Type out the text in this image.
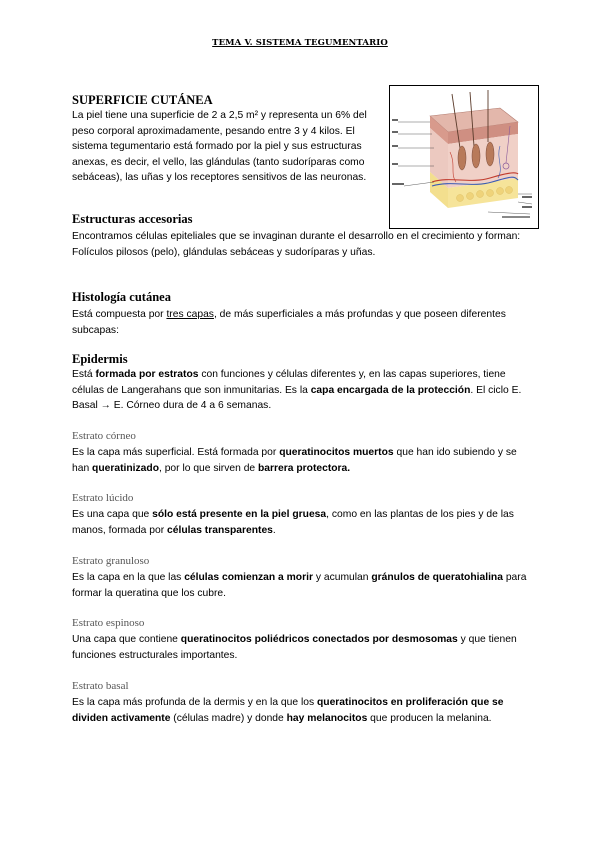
TEMA V. SISTEMA TEGUMENTARIO
SUPERFICIE CUTÁNEA
La piel tiene una superficie de 2 a 2,5 m² y representa un 6% del peso corporal aproximadamente, pesando entre 3 y 4 kilos. El sistema tegumentario está formado por la piel y sus estructuras anexas, es decir, el vello, las glándulas (tanto sudoríparas como sebáceas), las uñas y los receptores sensitivos de las neuronas.
Estructuras accesorias
Encontramos células epiteliales que se invaginan durante el desarrollo en el crecimiento y forman: Folículos pilosos (pelo), glándulas sebáceas y sudoríparas y uñas.
Histología cutánea
Está compuesta por tres capas, de más superficiales a más profundas y que poseen diferentes subcapas:
Epidermis
Está formada por estratos con funciones y células diferentes y, en las capas superiores, tiene células de Langerahans que son inmunitarias. Es la capa encargada de la protección. El ciclo E. Basal → E. Córneo dura de 4 a 6 semanas.
Estrato córneo
Es la capa más superficial. Está formada por queratinocitos muertos que han ido subiendo y se han queratinizado, por lo que sirven de barrera protectora.
Estrato lúcido
Es una capa que sólo está presente en la piel gruesa, como en las plantas de los pies y de las manos, formada por células transparentes.
Estrato granuloso
Es la capa en la que las células comienzan a morir y acumulan gránulos de queratohialina para formar la queratina que los cubre.
Estrato espinoso
Una capa que contiene queratinocitos poliédricos conectados por desmosomas y que tienen funciones estructurales importantes.
Estrato basal
Es la capa más profunda de la dermis y en la que los queratinocitos en proliferación que se dividen activamente (células madre) y donde hay melanocitos que producen la melanina.
